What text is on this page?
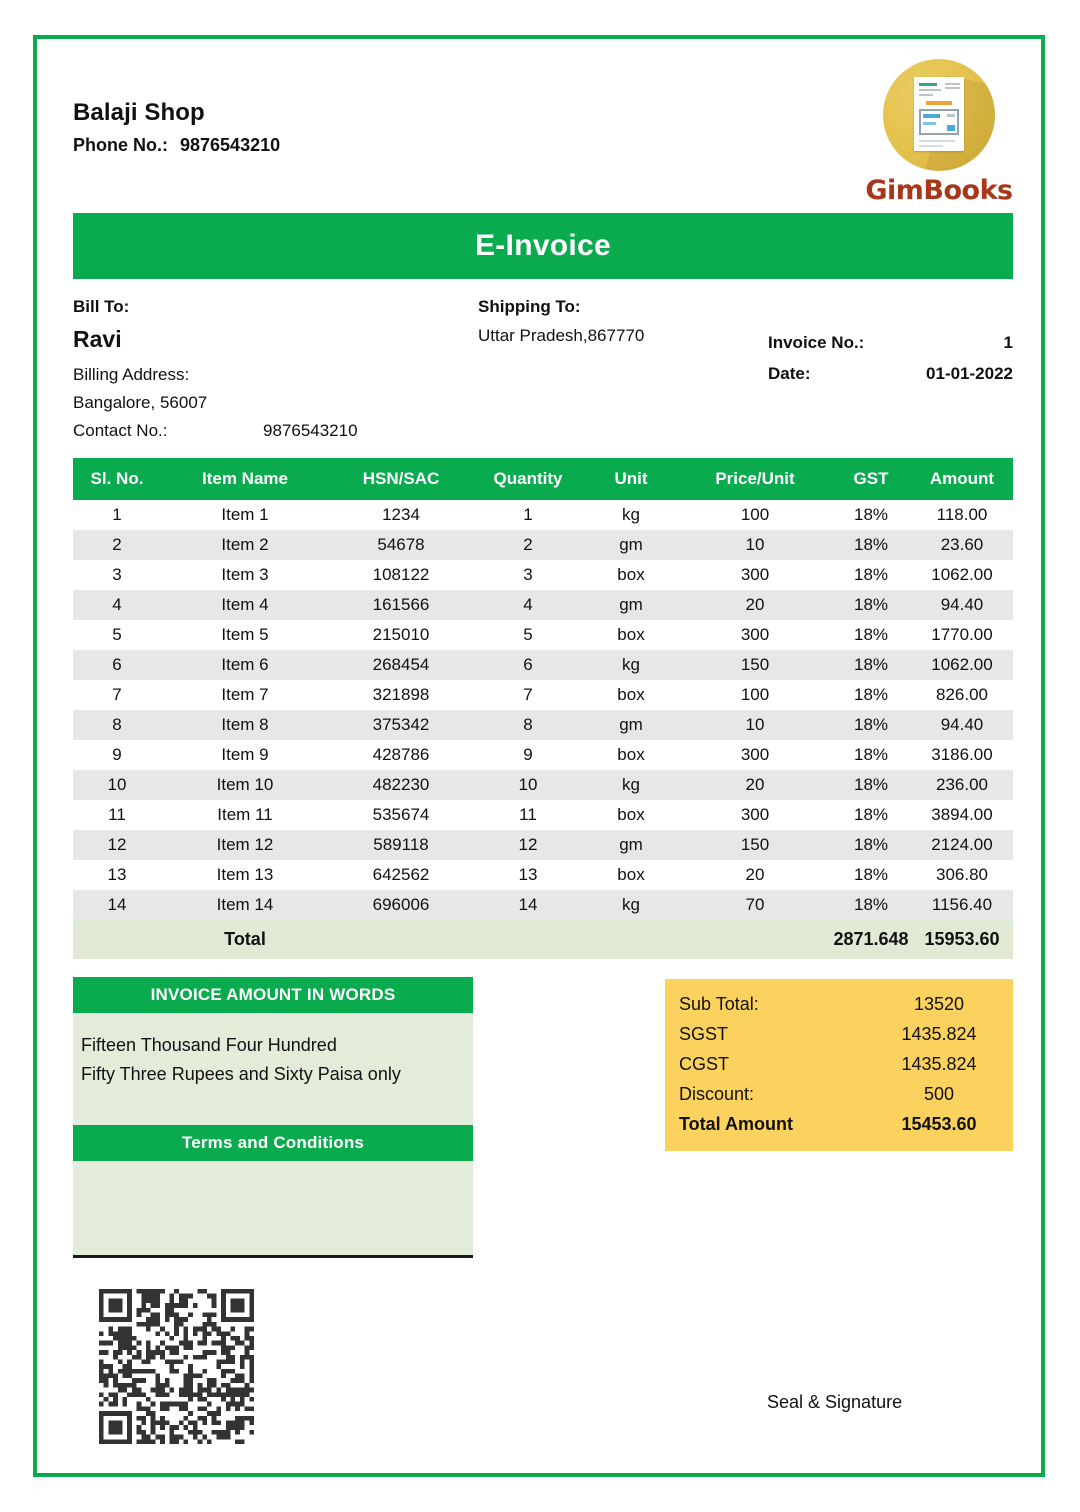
Balaji Shop
Phone No.: 9876543210
GimBooks
E-Invoice
Bill To:
Ravi
Billing Address:
Bangalore, 56007
Contact No.:	9876543210
Shipping To:
Uttar Pradesh,867770	Invoice No.:	1
Date:	01-01-2022
Sl. No.	Item Name	HSN/SAC	Quantity	Unit	Price/Unit	GST	Amount
1	Item 1	1234	1	kg	100	18%	118.00
2	Item 2	54678	2	gm	10	18%	23.60
3	Item 3	108122	3	box	300	18%	1062.00
4	Item 4	161566	4	gm	20	18%	94.40
5	Item 5	215010	5	box	300	18%	1770.00
6	Item 6	268454	6	kg	150	18%	1062.00
7	Item 7	321898	7	box	100	18%	826.00
8	Item 8	375342	8	gm	10	18%	94.40
9	Item 9	428786	9	box	300	18%	3186.00
10	Item 10	482230	10	kg	20	18%	236.00
11	Item 11	535674	11	box	300	18%	3894.00
12	Item 12	589118	12	gm	150	18%	2124.00
13	Item 13	642562	13	box	20	18%	306.80
14	Item 14	696006	14	kg	70	18%	1156.40
	Total					2871.648	15953.60
INVOICE AMOUNT IN WORDS
Fifteen Thousand Four Hundred
Fifty Three Rupees and Sixty Paisa only
Terms and Conditions
Sub Total:	13520
SGST	1435.824
CGST	1435.824
Discount:	500
Total Amount	15453.60
Seal & Signature
